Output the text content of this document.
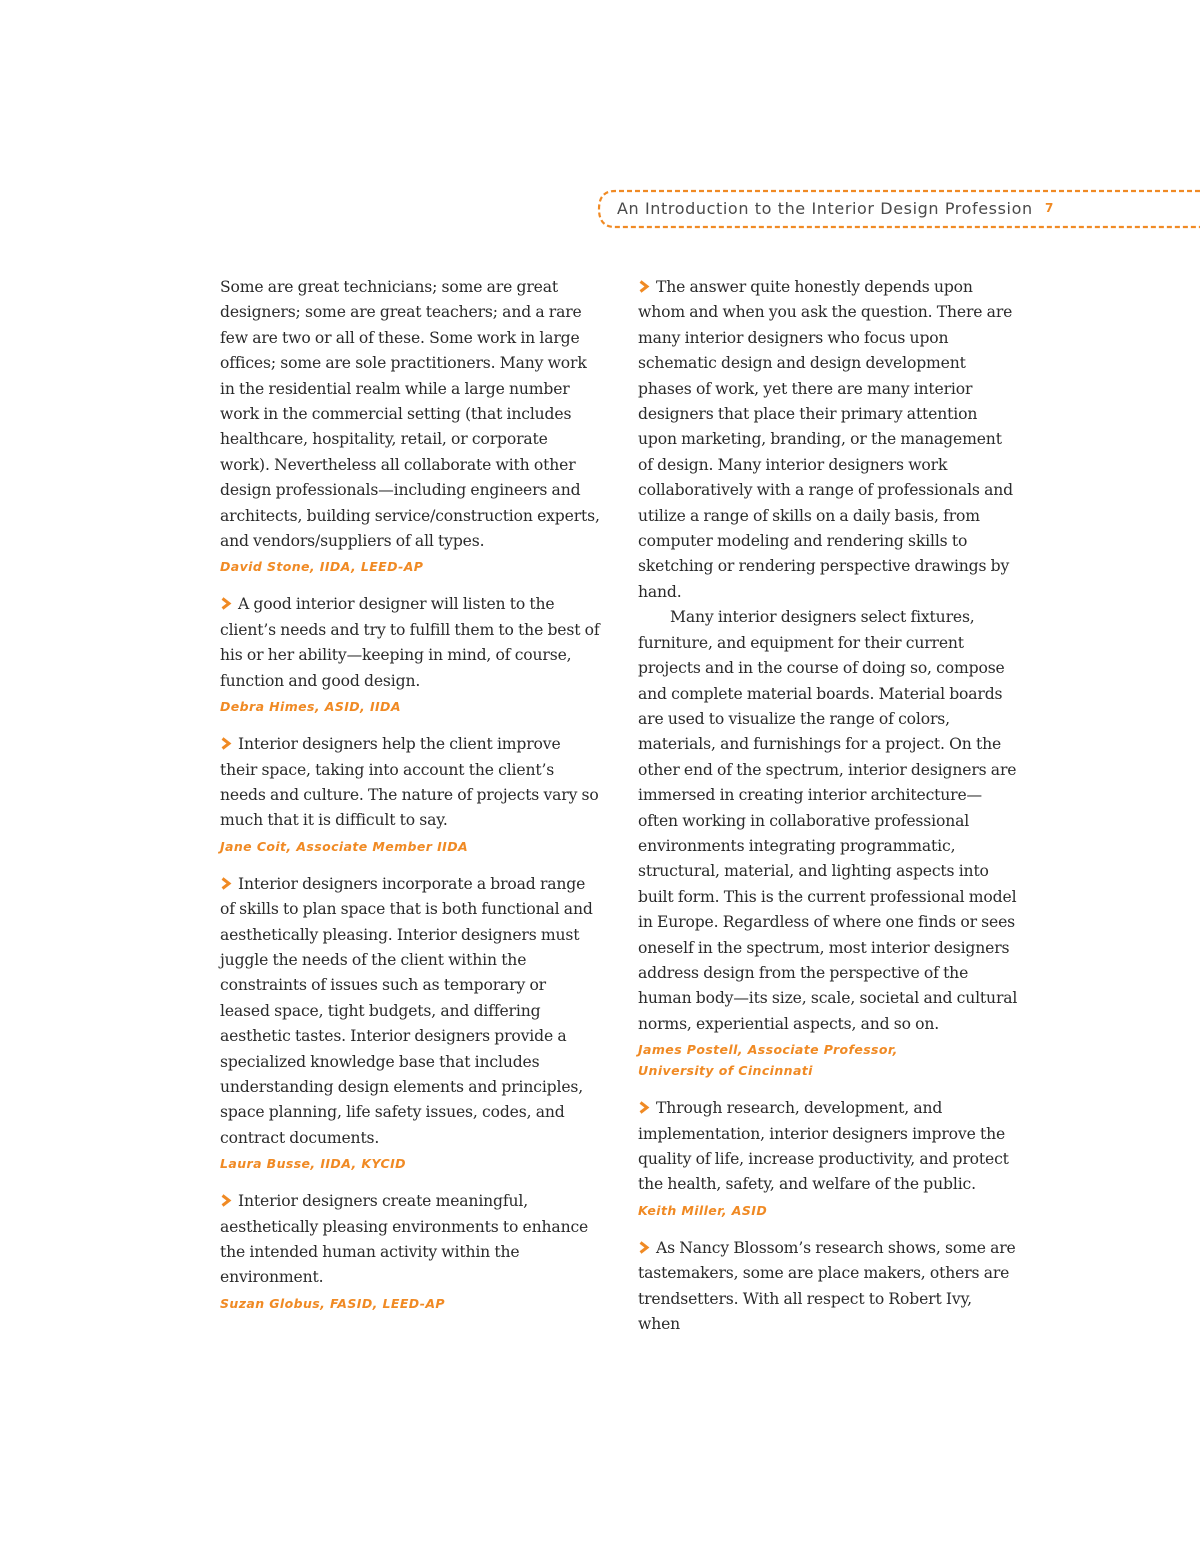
An Introduction to the Interior Design Profession 7

Some are great technicians; some are great designers; some are great teachers; and a rare few are two or all of these. Some work in large offices; some are sole practitioners. Many work in the residential realm while a large number work in the commercial setting (that includes healthcare, hospitality, retail, or corporate work). Nevertheless all collaborate with other design professionals—including engineers and architects, building service/construction experts, and vendors/suppliers of all types.

David Stone, IIDA, LEED-AP

A good interior designer will listen to the client’s needs and try to fulfill them to the best of his or her ability—keeping in mind, of course, function and good design.

Debra Himes, ASID, IIDA

Interior designers help the client improve their space, taking into account the client’s needs and culture. The nature of projects vary so much that it is difficult to say.

Jane Coit, Associate Member IIDA

Interior designers incorporate a broad range of skills to plan space that is both functional and aesthetically pleasing. Interior designers must juggle the needs of the client within the constraints of issues such as temporary or leased space, tight budgets, and differing aesthetic tastes. Interior designers provide a specialized knowledge base that includes understanding design elements and principles, space planning, life safety issues, codes, and contract documents.

Laura Busse, IIDA, KYCID

Interior designers create meaningful, aesthetically pleasing environments to enhance the intended human activity within the environment.

Suzan Globus, FASID, LEED-AP

The answer quite honestly depends upon whom and when you ask the question. There are many interior designers who focus upon schematic design and design development phases of work, yet there are many interior designers that place their primary attention upon marketing, branding, or the management of design. Many interior designers work collaboratively with a range of professionals and utilize a range of skills on a daily basis, from computer modeling and rendering skills to sketching or rendering perspective drawings by hand.

Many interior designers select fixtures, furniture, and equipment for their current projects and in the course of doing so, compose and complete material boards. Material boards are used to visualize the range of colors, materials, and furnishings for a project. On the other end of the spectrum, interior designers are immersed in creating interior architecture—often working in collaborative professional environments integrating programmatic, structural, material, and lighting aspects into built form. This is the current professional model in Europe. Regardless of where one finds or sees oneself in the spectrum, most interior designers address design from the perspective of the human body—its size, scale, societal and cultural norms, experiential aspects, and so on.

James Postell, Associate Professor,
University of Cincinnati

Through research, development, and implementation, interior designers improve the quality of life, increase productivity, and protect the health, safety, and welfare of the public.

Keith Miller, ASID

As Nancy Blossom’s research shows, some are tastemakers, some are place makers, others are trendsetters. With all respect to Robert Ivy, when
